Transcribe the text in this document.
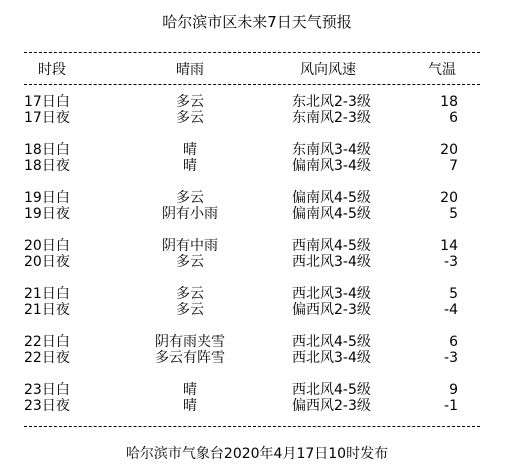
哈尔滨市区未来7日天气预报
时段	晴雨	风向风速	气温
17日白	多云	东北风2-3级	18
17日夜	多云	东南风2-3级	6
18日白	晴	东南风3-4级	20
18日夜	晴	偏南风3-4级	7
19日白	多云	偏南风4-5级	20
19日夜	阴有小雨	偏南风4-5级	5
20日白	阴有中雨	西南风4-5级	14
20日夜	多云	西北风3-4级	-3
21日白	多云	西北风3-4级	5
21日夜	多云	偏西风2-3级	-4
22日白	阴有雨夹雪	西北风4-5级	6
22日夜	多云有阵雪	西北风3-4级	-3
23日白	晴	西北风4-5级	9
23日夜	晴	偏西风2-3级	-1
哈尔滨市气象台2020年4月17日10时发布
